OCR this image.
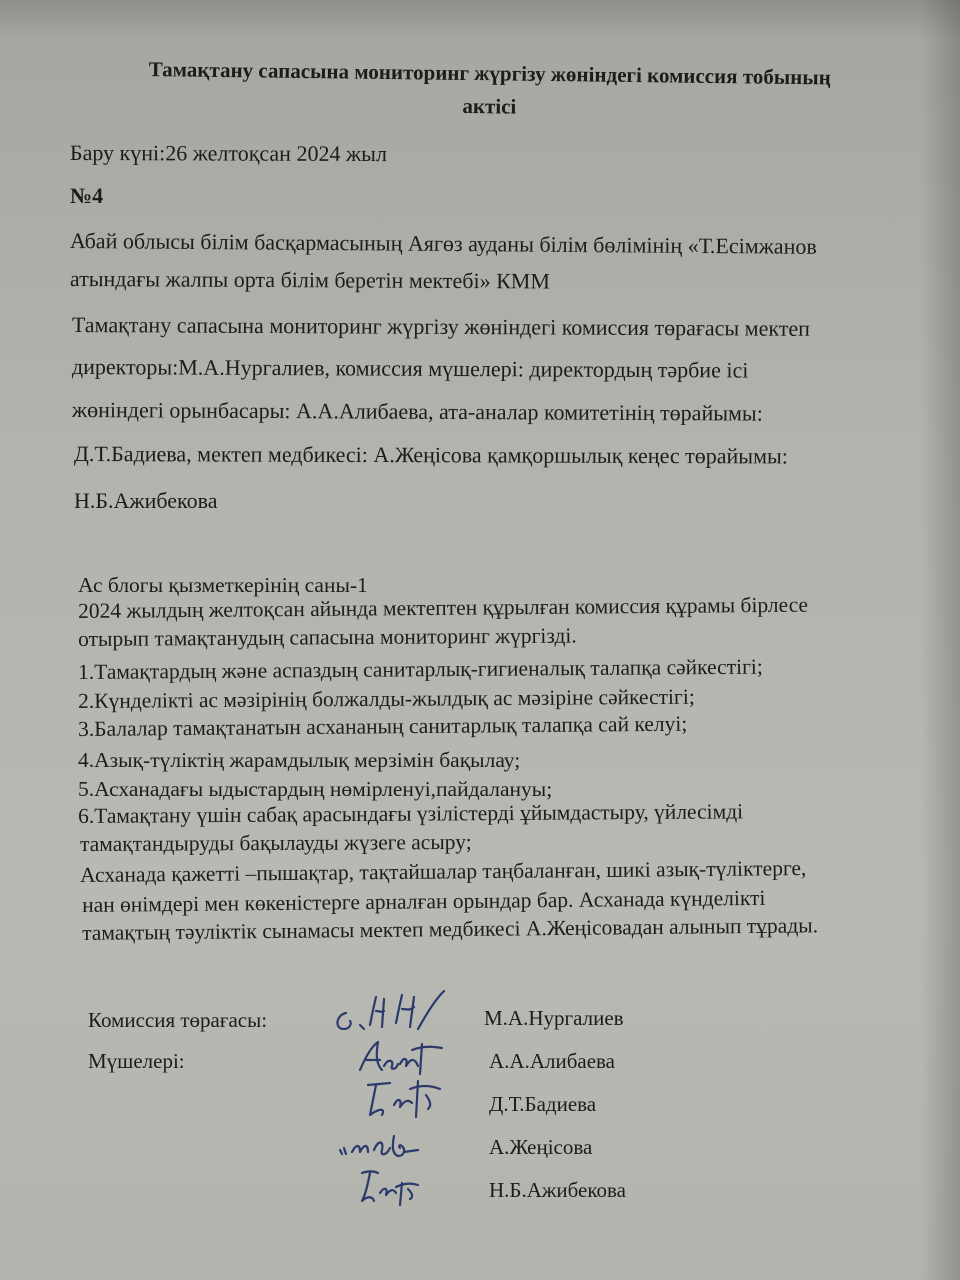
Тамақтану сапасына мониторинг жүргізу жөніндегі комиссия тобының
актісі
Бару күні:26 желтоқсан 2024 жыл
№4
Абай облысы білім басқармасының Аягөз ауданы білім бөлімінің «Т.Есімжанов
атындағы жалпы орта білім беретін мектебі» КММ
Тамақтану сапасына мониторинг жүргізу жөніндегі комиссия төрағасы мектеп
директоры:М.А.Нургалиев, комиссия мүшелері: директордың тәрбие ісі
жөніндегі орынбасары: А.А.Алибаева, ата-аналар комитетінің төрайымы:
Д.Т.Бадиева, мектеп медбикесі: А.Жеңісова қамқоршылық кеңес төрайымы:
Н.Б.Ажибекова
Ас блогы қызметкерінің саны-1
2024 жылдың желтоқсан айында мектептен құрылған комиссия құрамы бірлесе
отырып тамақтанудың сапасына мониторинг жүргізді.
1.Тамақтардың және аспаздың санитарлық-гигиеналық талапқа сәйкестігі;
2.Күнделікті ас мәзірінің болжалды-жылдық ас мәзіріне сәйкестігі;
3.Балалар тамақтанатын асхананың санитарлық талапқа сай келуі;
4.Азық-түліктің жарамдылық мерзімін бақылау;
5.Асханадағы ыдыстардың нөмірленуі,пайдалануы;
6.Тамақтану үшін сабақ арасындағы үзілістерді ұйымдастыру, үйлесімді
тамақтандыруды бақылауды жүзеге асыру;
Асханада қажетті –пышақтар, тақтайшалар таңбаланған, шикі азық-түліктерге,
нан өнімдері мен көкеністерге арналған орындар бар. Асханада күнделікті
тамақтың тәуліктік сынамасы мектеп медбикесі А.Жеңісовадан алынып тұрады.
Комиссия төрағасы:
Мүшелері:
М.А.Нургалиев
А.А.Алибаева
Д.Т.Бадиева
А.Жеңісова
Н.Б.Ажибекова
